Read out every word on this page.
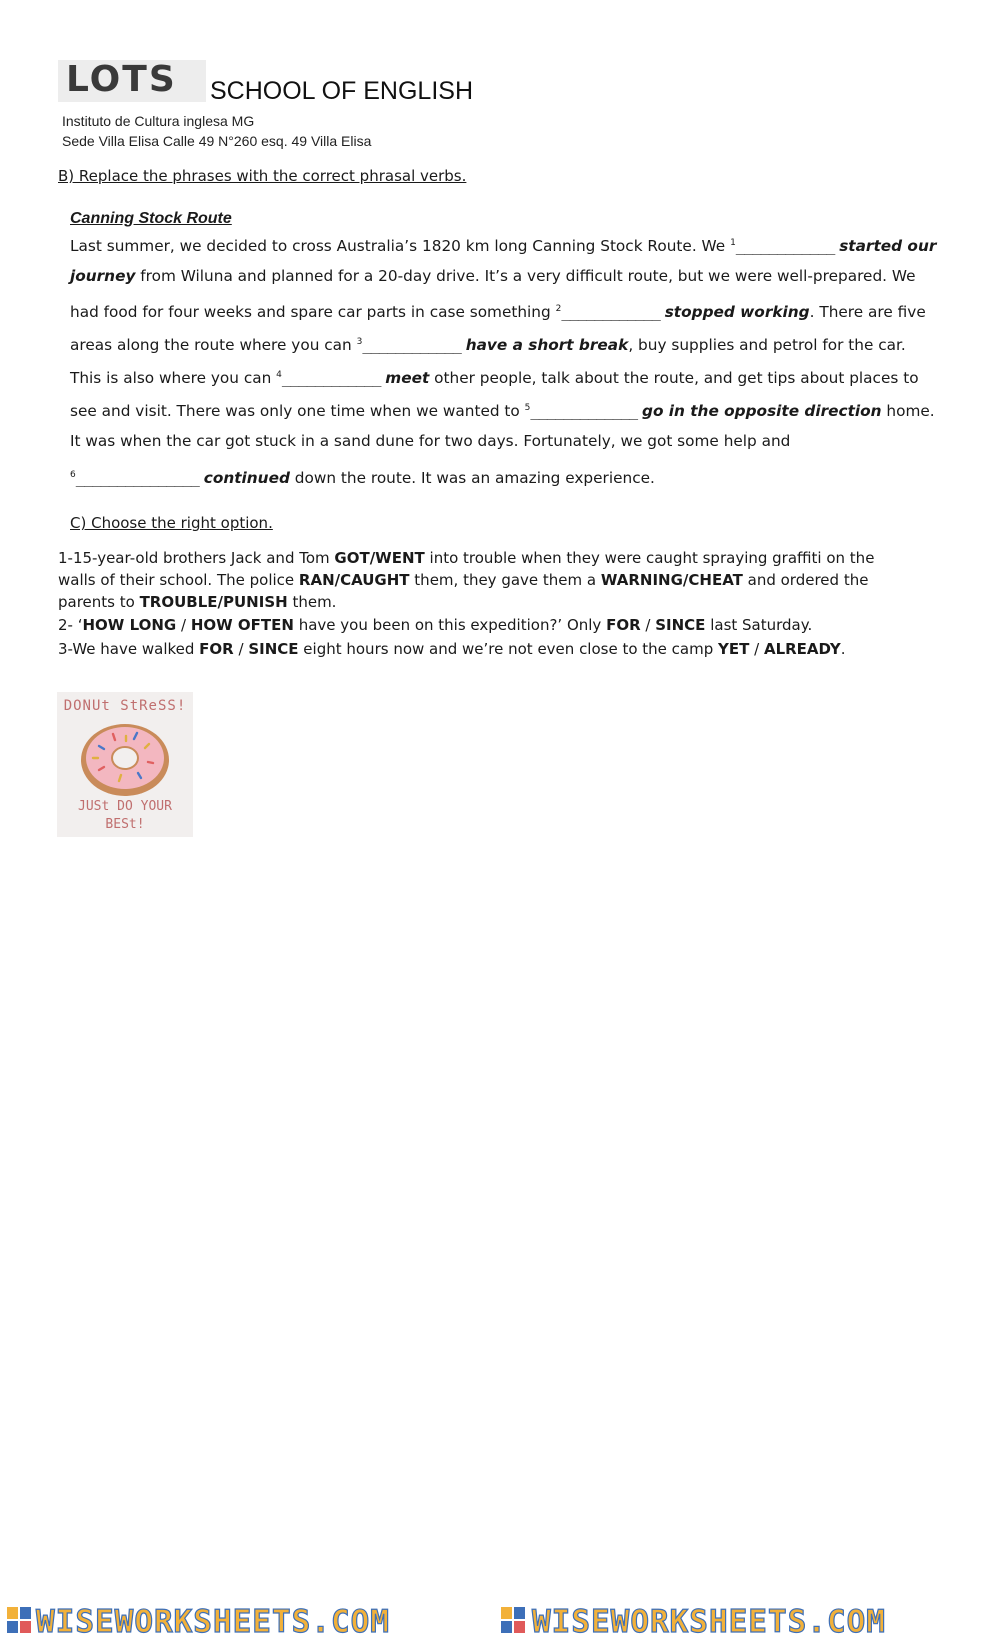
LOTS SCHOOL OF ENGLISH
Instituto de Cultura inglesa MG
Sede Villa Elisa Calle 49 N°260 esq. 49 Villa Elisa
B) Replace the phrases with the correct phrasal verbs.
Canning Stock Route
Last summer, we decided to cross Australia’s 1820 km long Canning Stock Route. We $^1$____________ started our
journey from Wiluna and planned for a 20-day drive. It’s a very difficult route, but we were well-prepared. We
had food for four weeks and spare car parts in case something $^2$____________ stopped working. There are five
areas along the route where you can $^3$____________ have a short break, buy supplies and petrol for the car.
This is also where you can $^4$____________ meet other people, talk about the route, and get tips about places to
see and visit. There was only one time when we wanted to $^5$_____________ go in the opposite direction home.
It was when the car got stuck in a sand dune for two days. Fortunately, we got some help and
$^6$_______________ continued down the route. It was an amazing experience.
C) Choose the right option.
1-15-year-old brothers Jack and Tom GOT/WENT into trouble when they were caught spraying graffiti on the
walls of their school. The police RAN/CAUGHT them, they gave them a WARNING/CHEAT and ordered the
parents to TROUBLE/PUNISH them.
2- ‘HOW LONG / HOW OFTEN have you been on this expedition?’ Only FOR / SINCE last Saturday.
3-We have walked FOR / SINCE eight hours now and we’re not even close to the camp YET / ALREADY.
DONUt StReSS!
JUSt DO YOUR
BESt!
WISEWORKSHEETS.COM	WISEWORKSHEETS.COM
